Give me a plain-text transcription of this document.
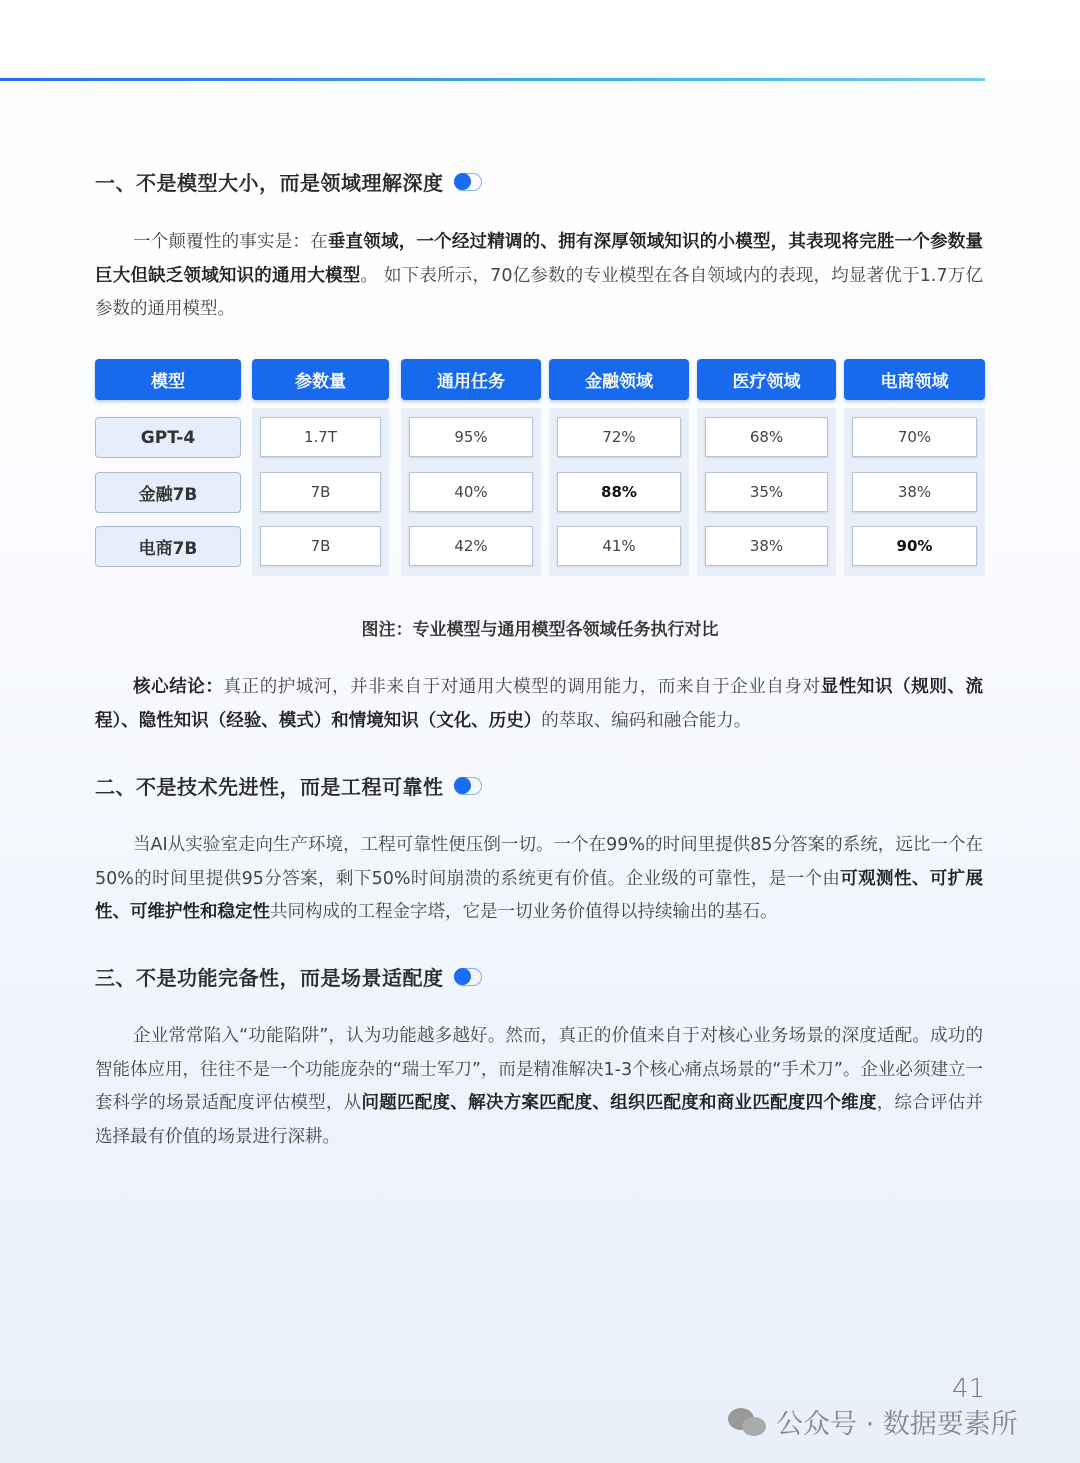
一、不是模型大小，而是领域理解深度
一个颠覆性的事实是：在垂直领域，一个经过精调的、拥有深厚领域知识的小模型，其表现将完胜一个参数量巨大但缺乏领域知识的通用大模型。 如下表所示，70亿参数的专业模型在各自领域内的表现，均显著优于1.7万亿参数的通用模型。
模型	参数量	通用任务	金融领域	医疗领域	电商领域
GPT-4	1.7T	95%	72%	68%	70%
金融7B	7B	40%	88%	35%	38%
电商7B	7B	42%	41%	38%	90%
图注：专业模型与通用模型各领域任务执行对比
核心结论：真正的护城河，并非来自于对通用大模型的调用能力，而来自于企业自身对显性知识（规则、流程）、隐性知识（经验、模式）和情境知识（文化、历史）的萃取、编码和融合能力。
二、不是技术先进性，而是工程可靠性
当AI从实验室走向生产环境，工程可靠性便压倒一切。一个在99%的时间里提供85分答案的系统，远比一个在50%的时间里提供95分答案，剩下50%时间崩溃的系统更有价值。企业级的可靠性，是一个由可观测性、可扩展性、可维护性和稳定性共同构成的工程金字塔，它是一切业务价值得以持续输出的基石。
三、不是功能完备性，而是场景适配度
企业常常陷入“功能陷阱”，认为功能越多越好。然而，真正的价值来自于对核心业务场景的深度适配。成功的智能体应用，往往不是一个功能庞杂的“瑞士军刀”，而是精准解决1-3个核心痛点场景的“手术刀”。企业必须建立一套科学的场景适配度评估模型，从问题匹配度、解决方案匹配度、组织匹配度和商业匹配度四个维度，综合评估并选择最有价值的场景进行深耕。
41
公众号 · 数据要素所
